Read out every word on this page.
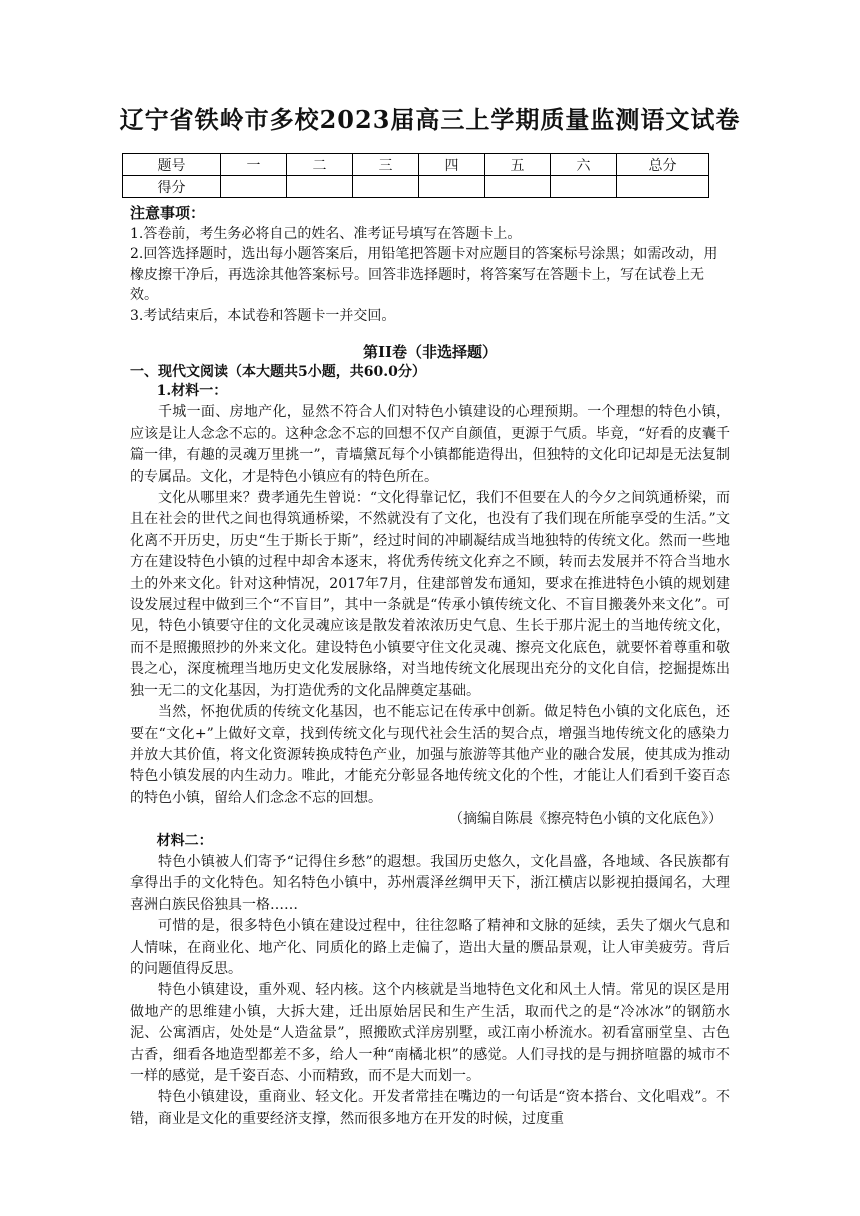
辽宁省铁岭市多校2023届高三上学期质量监测语文试卷
题号	一	二	三	四	五	六	总分
得分							

注意事项：

1.答卷前，考生务必将自己的姓名、准考证号填写在答题卡上。

2.回答选择题时，选出每小题答案后，用铅笔把答题卡对应题目的答案标号涂黑；如需改动，用橡皮擦干净后，再选涂其他答案标号。回答非选择题时，将答案写在答题卡上，写在试卷上无效。

3.考试结束后，本试卷和答题卡一并交回。

第II卷（非选择题）
一、现代文阅读（本大题共5小题，共60.0分）

1.材料一：

千城一面、房地产化，显然不符合人们对特色小镇建设的心理预期。一个理想的特色小镇，应该是让人念念不忘的。这种念念不忘的回想不仅产自颜值，更源于气质。毕竟，“好看的皮囊千篇一律，有趣的灵魂万里挑一”，青墙黛瓦每个小镇都能造得出，但独特的文化印记却是无法复制的专属品。文化，才是特色小镇应有的特色所在。

文化从哪里来？费孝通先生曾说：“文化得靠记忆，我们不但要在人的今夕之间筑通桥梁，而且在社会的世代之间也得筑通桥梁，不然就没有了文化，也没有了我们现在所能享受的生活。”文化离不开历史，历史“生于斯长于斯”，经过时间的冲刷凝结成当地独特的传统文化。然而一些地方在建设特色小镇的过程中却舍本逐末，将优秀传统文化弃之不顾，转而去发展并不符合当地水土的外来文化。针对这种情况，2017年7月，住建部曾发布通知，要求在推进特色小镇的规划建设发展过程中做到三个“不盲目”，其中一条就是“传承小镇传统文化、不盲目搬袭外来文化”。可见，特色小镇要守住的文化灵魂应该是散发着浓浓历史气息、生长于那片泥土的当地传统文化，而不是照搬照抄的外来文化。建设特色小镇要守住文化灵魂、擦亮文化底色，就要怀着尊重和敬畏之心，深度梳理当地历史文化发展脉络，对当地传统文化展现出充分的文化自信，挖掘提炼出独一无二的文化基因，为打造优秀的文化品牌奠定基础。

当然，怀抱优质的传统文化基因，也不能忘记在传承中创新。做足特色小镇的文化底色，还要在“文化+”上做好文章，找到传统文化与现代社会生活的契合点，增强当地传统文化的感染力并放大其价值，将文化资源转换成特色产业，加强与旅游等其他产业的融合发展，使其成为推动特色小镇发展的内生动力。唯此，才能充分彰显各地传统文化的个性，才能让人们看到千姿百态的特色小镇，留给人们念念不忘的回想。

（摘编自陈晨《擦亮特色小镇的文化底色》）

材料二：

特色小镇被人们寄予“记得住乡愁”的遐想。我国历史悠久，文化昌盛，各地域、各民族都有拿得出手的文化特色。知名特色小镇中，苏州震泽丝绸甲天下，浙江横店以影视拍摄闻名，大理喜洲白族民俗独具一格……

可惜的是，很多特色小镇在建设过程中，往往忽略了精神和文脉的延续，丢失了烟火气息和人情味，在商业化、地产化、同质化的路上走偏了，造出大量的赝品景观，让人审美疲劳。背后的问题值得反思。

特色小镇建设，重外观、轻内核。这个内核就是当地特色文化和风土人情。常见的误区是用做地产的思维建小镇，大拆大建，迁出原始居民和生产生活，取而代之的是“冷冰冰”的钢筋水泥、公寓酒店，处处是“人造盆景”，照搬欧式洋房别墅，或江南小桥流水。初看富丽堂皇、古色古香，细看各地造型都差不多，给人一种“南橘北枳”的感觉。人们寻找的是与拥挤喧嚣的城市不一样的感觉，是千姿百态、小而精致，而不是大而划一。

特色小镇建设，重商业、轻文化。开发者常挂在嘴边的一句话是“资本搭台、文化唱戏”。不错，商业是文化的重要经济支撑，然而很多地方在开发的时候，过度重
